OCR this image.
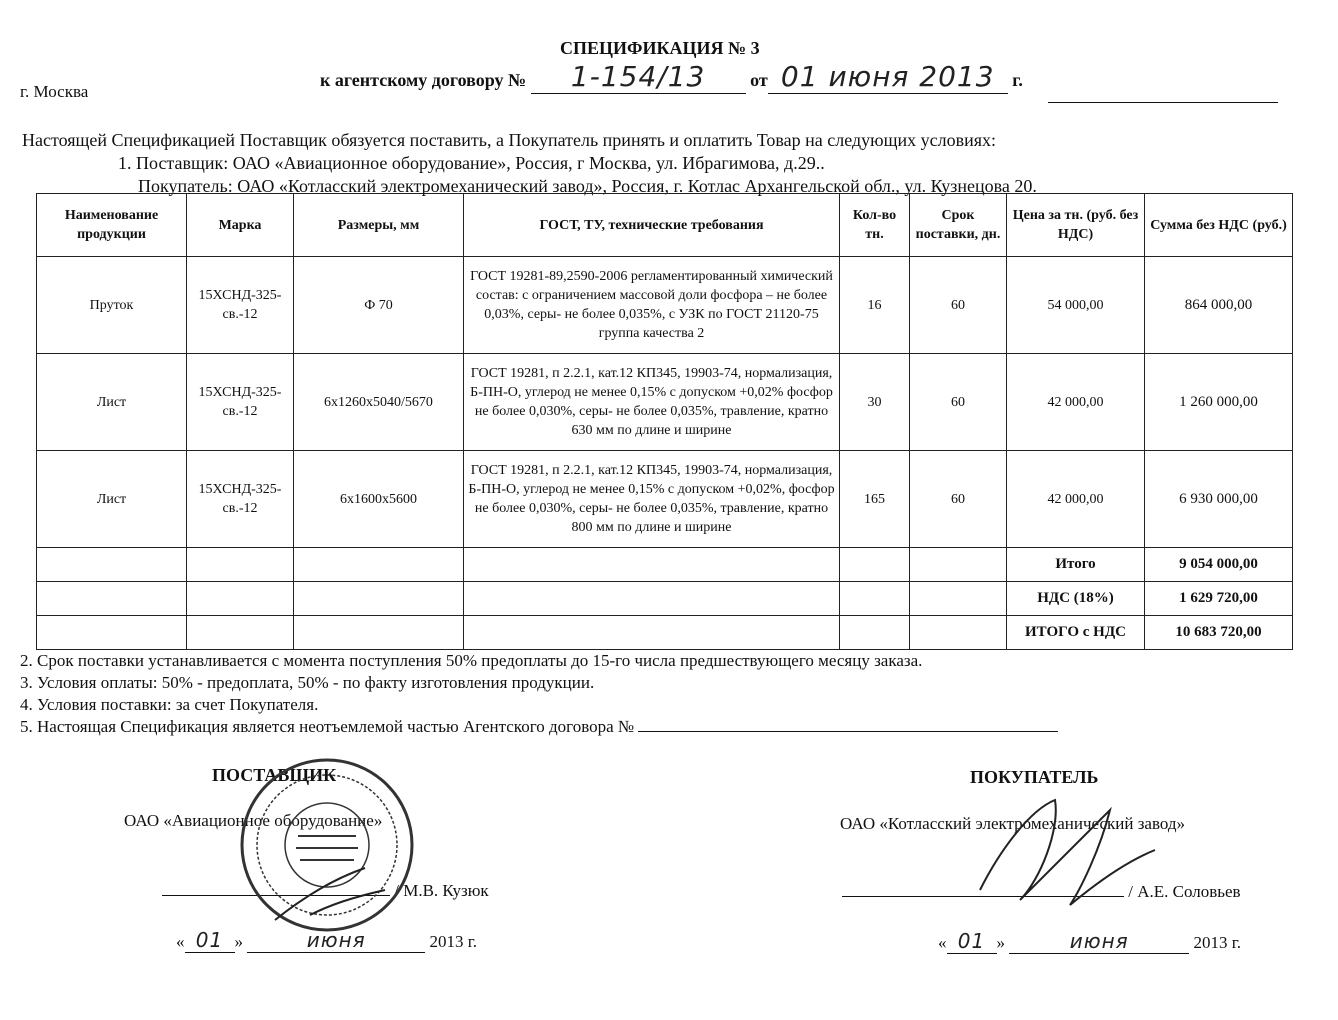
СПЕЦИФИКАЦИЯ № 3
к агентскому договору № 1-154/13 от 01 июня 2013 г.
г. Москва
Настоящей Спецификацией Поставщик обязуется поставить, а Покупатель принять и оплатить Товар на следующих условиях:
1. Поставщик: ОАО «Авиационное оборудование», Россия, г Москва, ул. Ибрагимова, д.29..
Покупатель: ОАО «Котласский электромеханический завод», Россия, г. Котлас Архангельской обл., ул. Кузнецова 20.
Наименование продукции	Марка	Размеры, мм	ГОСТ, ТУ, технические требования	Кол-во тн.	Срок поставки, дн.	Цена за тн. (руб. без НДС)	Сумма без НДС (руб.)
Пруток	15ХСНД-325-св.-12	Ф 70	ГОСТ 19281-89,2590-2006 регламентированный химический состав: с ограничением массовой доли фосфора – не более 0,03%, серы- не более 0,035%, с УЗК по ГОСТ 21120-75 группа качества 2	16	60	54 000,00	864 000,00
Лист	15ХСНД-325-св.-12	6х1260х5040/5670	ГОСТ 19281, п 2.2.1, кат.12 КП345, 19903-74, нормализация, Б-ПН-О, углерод не менее 0,15% с допуском +0,02% фосфор не более 0,030%, серы- не более 0,035%, травление, кратно 630 мм по длине и ширине	30	60	42 000,00	1 260 000,00
Лист	15ХСНД-325-св.-12	6х1600х5600	ГОСТ 19281, п 2.2.1, кат.12 КП345, 19903-74, нормализация, Б-ПН-О, углерод не менее 0,15% с допуском +0,02%, фосфор не более 0,030%, серы- не более 0,035%, травление, кратно 800 мм по длине и ширине	165	60	42 000,00	6 930 000,00
						Итого	9 054 000,00
						НДС (18%)	1 629 720,00
						ИТОГО с НДС	10 683 720,00
2. Срок поставки устанавливается с момента поступления 50% предоплаты до 15-го числа предшествующего месяцу заказа.
3. Условия оплаты: 50% - предоплата, 50% - по факту изготовления продукции.
4. Условия поставки: за счет Покупателя.
5. Настоящая Спецификация является неотъемлемой частью Агентского договора №
ПОСТАВЩИК
ОАО «Авиационное оборудование»
/ М.В. Кузюк
« 01 »	июня	2013 г.
ПОКУПАТЕЛЬ
ОАО «Котласский электромеханический завод»
/ А.Е. Соловьев
« 01 »	июня	2013 г.
